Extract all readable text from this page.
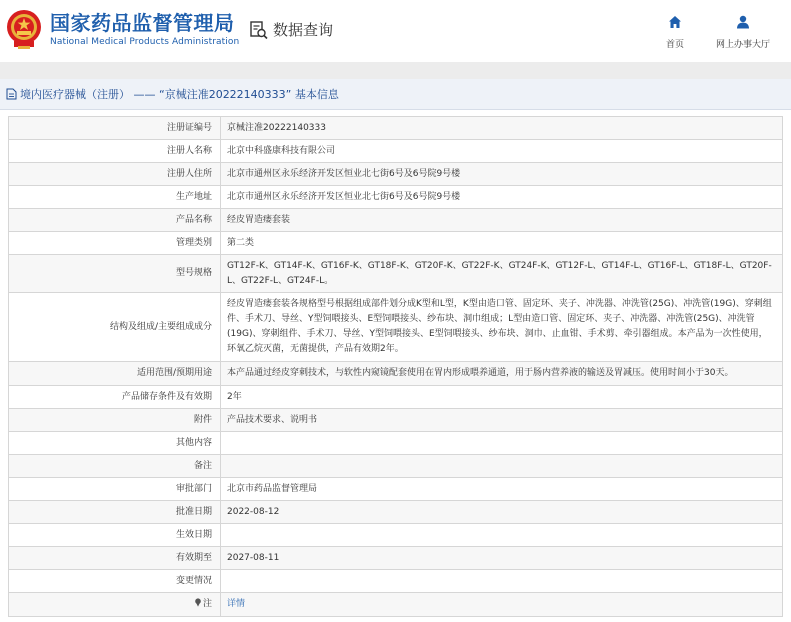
国家药品监督管理局
National Medical Products Administration
数据查询
首页	网上办事大厅
境内医疗器械（注册） —— “京械注准20222140333” 基本信息
注册证编号	京械注准20222140333
注册人名称	北京中科盛康科技有限公司
注册人住所	北京市通州区永乐经济开发区恒业北七街6号及6号院9号楼
生产地址	北京市通州区永乐经济开发区恒业北七街6号及6号院9号楼
产品名称	经皮胃造瘘套装
管理类别	第二类
型号规格	GT12F-K、GT14F-K、GT16F-K、GT18F-K、GT20F-K、GT22F-K、GT24F-K、GT12F-L、GT14F-L、GT16F-L、GT18F-L、GT20F-L、GT22F-L、GT24F-L。
结构及组成/主要组成成分	经皮胃造瘘套装各规格型号根据组成部件划分成K型和L型，K型由造口管、固定环、夹子、冲洗器、冲洗管(25G)、冲洗管(19G)、穿刺组件、手术刀、导丝、Y型饲喂接头、E型饲喂接头、纱布块、洞巾组成；L型由造口管、固定环、夹子、冲洗器、冲洗管(25G)、冲洗管(19G)、穿刺组件、手术刀、导丝、Y型饲喂接头、E型饲喂接头、纱布块、洞巾、止血钳、手术剪、牵引器组成。本产品为一次性使用，环氧乙烷灭菌，无菌提供，产品有效期2年。
适用范围/预期用途	本产品通过经皮穿刺技术，与软性内窥镜配套使用在胃内形成喂养通道，用于肠内营养液的输送及胃减压。使用时间小于30天。
产品储存条件及有效期	2年
附件	产品技术要求、说明书
其他内容	
备注	
审批部门	北京市药品监督管理局
批准日期	2022-08-12
生效日期	
有效期至	2027-08-11
变更情况	
注	详情
